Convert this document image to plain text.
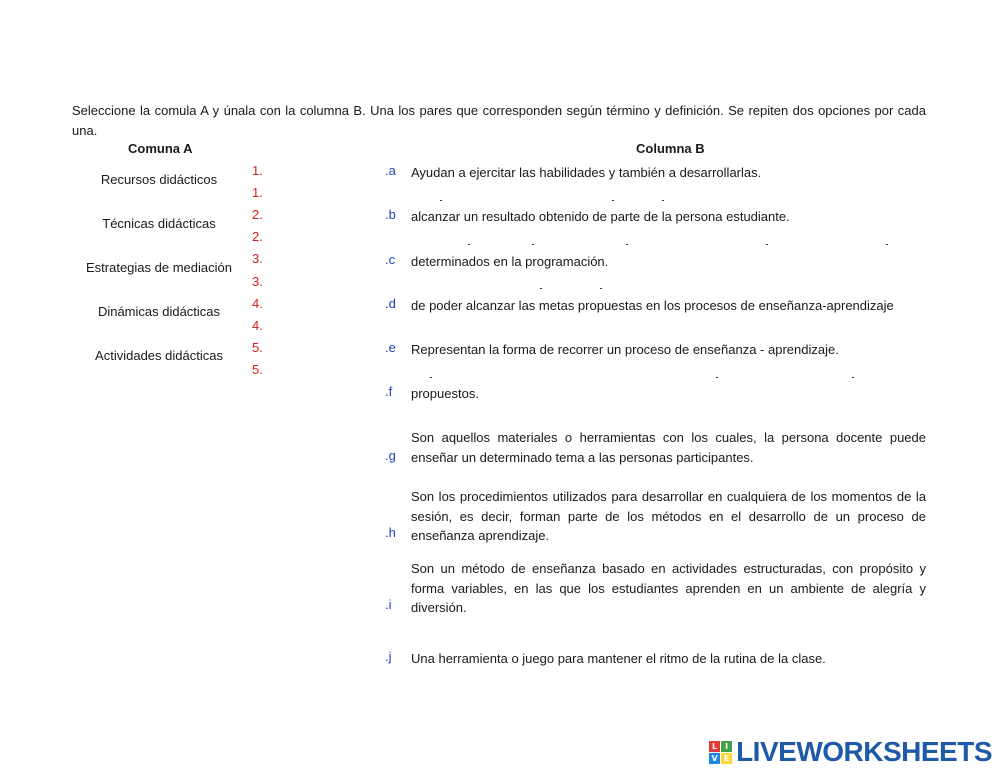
Seleccione la comula A y únala con la columna B. Una los pares que corresponden según término y definición. Se repiten dos opciones por cada una.
Comuna A	Columna B
Recursos didácticos
Técnicas didácticas
Estrategias de mediación
Dinámicas didácticas
Actividades didácticas
1.
1.
2.
2.
3.
3.
4.
4.
5.
5.
.a
.b
.c
.d
.e
.f
.g
.h
.i
.j
Ayudan a ejercitar las habilidades y también a desarrollarlas.
alcanzar un resultado obtenido de parte de la persona estudiante.
determinados en la programación.
de poder alcanzar las metas propuestas en los procesos de enseñanza-aprendizaje
Representan la forma de recorrer un proceso de enseñanza - aprendizaje.
propuestos.
Son aquellos materiales o herramientas con los cuales, la persona docente puede enseñar un determinado tema a las personas participantes.
Son los procedimientos utilizados para desarrollar en cualquiera de los momentos de la sesión, es decir, forman parte de los métodos en el desarrollo de un proceso de enseñanza aprendizaje.
Son un método de enseñanza basado en actividades estructuradas, con propósito y forma variables, en las que los estudiantes aprenden en un ambiente de alegría y diversión.
Una herramienta o juego para mantener el ritmo de la rutina de la clase.
L I
V E LIVEWORKSHEETS
